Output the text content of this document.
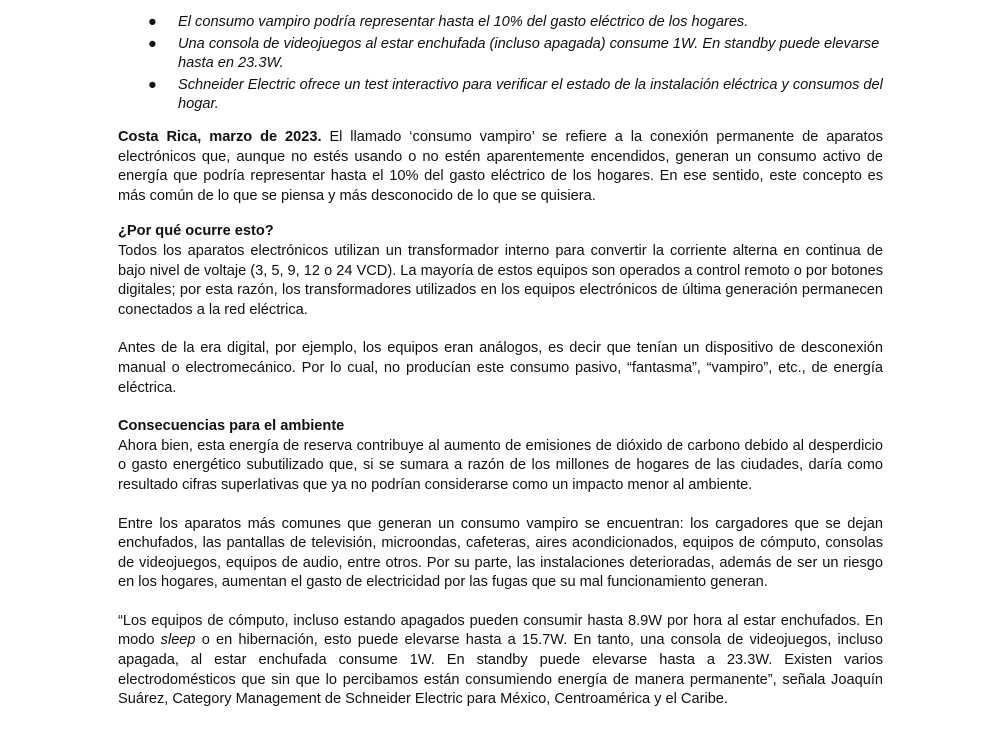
● El consumo vampiro podría representar hasta el 10% del gasto eléctrico de los hogares.
● Una consola de videojuegos al estar enchufada (incluso apagada) consume 1W. En standby puede elevarse hasta en 23.3W.
● Schneider Electric ofrece un test interactivo para verificar el estado de la instalación eléctrica y consumos del hogar.

Costa Rica, marzo de 2023. El llamado ‘consumo vampiro’ se refiere a la conexión permanente de aparatos electrónicos que, aunque no estés usando o no estén aparentemente encendidos, generan un consumo activo de energía que podría representar hasta el 10% del gasto eléctrico de los hogares. En ese sentido, este concepto es más común de lo que se piensa y más desconocido de lo que se quisiera.

¿Por qué ocurre esto?

Todos los aparatos electrónicos utilizan un transformador interno para convertir la corriente alterna en continua de bajo nivel de voltaje (3, 5, 9, 12 o 24 VCD). La mayoría de estos equipos son operados a control remoto o por botones digitales; por esta razón, los transformadores utilizados en los equipos electrónicos de última generación permanecen conectados a la red eléctrica.

Antes de la era digital, por ejemplo, los equipos eran análogos, es decir que tenían un dispositivo de desconexión manual o electromecánico. Por lo cual, no producían este consumo pasivo, “fantasma”, “vampiro”, etc., de energía eléctrica.

Consecuencias para el ambiente

Ahora bien, esta energía de reserva contribuye al aumento de emisiones de dióxido de carbono debido al desperdicio o gasto energético subutilizado que, si se sumara a razón de los millones de hogares de las ciudades, daría como resultado cifras superlativas que ya no podrían considerarse como un impacto menor al ambiente.

Entre los aparatos más comunes que generan un consumo vampiro se encuentran: los cargadores que se dejan enchufados, las pantallas de televisión, microondas, cafeteras, aires acondicionados, equipos de cómputo, consolas de videojuegos, equipos de audio, entre otros. Por su parte, las instalaciones deterioradas, además de ser un riesgo en los hogares, aumentan el gasto de electricidad por las fugas que su mal funcionamiento generan.

“Los equipos de cómputo, incluso estando apagados pueden consumir hasta 8.9W por hora al estar enchufados. En modo sleep o en hibernación, esto puede elevarse hasta a 15.7W. En tanto, una consola de videojuegos, incluso apagada, al estar enchufada consume 1W. En standby puede elevarse hasta a 23.3W. Existen varios electrodomésticos que sin que lo percibamos están consumiendo energía de manera permanente”, señala Joaquín Suárez, Category Management de Schneider Electric para México, Centroamérica y el Caribe.
